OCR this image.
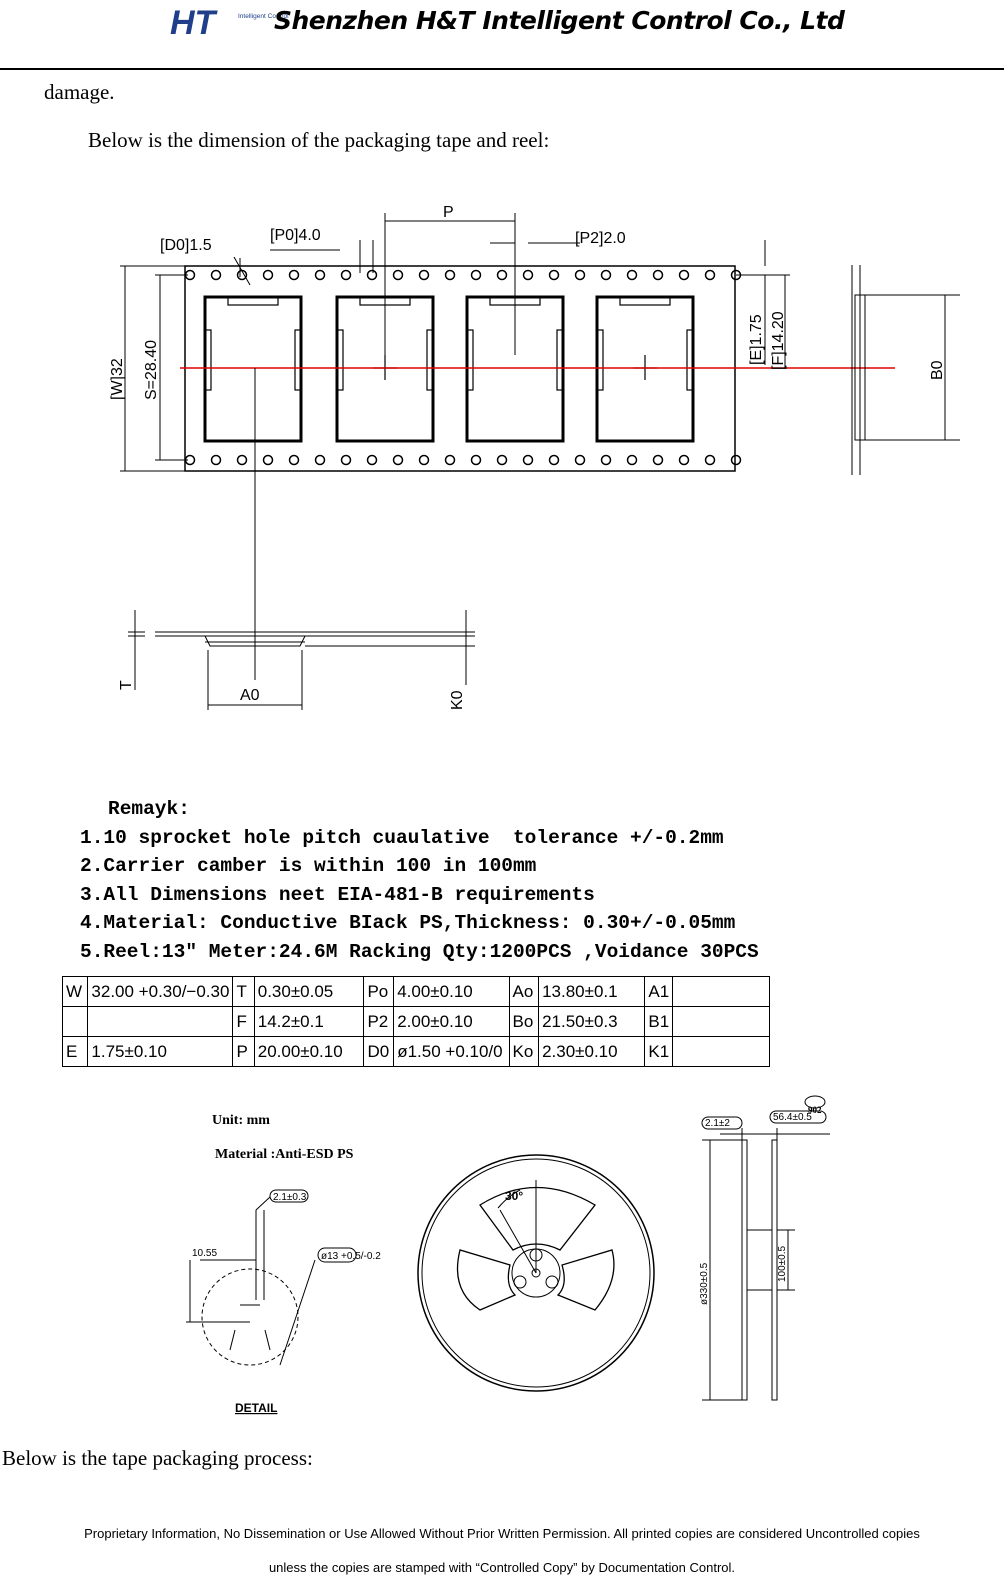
HT	Intelligent Control
Shenzhen H&T Intelligent Control Co., Ltd
damage.
Below is the dimension of the packaging tape and reel:
[D0]1.5
[P0]4.0
P
[P2]2.0
[W]32 S=28.40
[E]1.75 [F]14.20
B0
T
A0	K0
Remayk:
1.10 sprocket hole pitch cuaulative  tolerance +/-0.2mm
2.Carrier camber is within 100 in 100mm
3.All Dimensions neet EIA-481-B requirements
4.Material: Conductive BIack PS,Thickness: 0.30+/-0.05mm
5.Reel:13" Meter:24.6M Racking Qty:1200PCS ,Voidance 30PCS
W	32.00 +0.30/−0.30	T	0.30±0.05	Po	4.00±0.10	Ao	13.80±0.1	A1	
		F	14.2±0.1	P2	2.00±0.10	Bo	21.50±0.3	B1	
E	1.75±0.10	P	20.00±0.10	D0	ø1.50 +0.10/0	Ko	2.30±0.10	K1	
Unit: mm
Material :Anti-ESD PS
2.1±0.3
ø13 +0.5/-0.2
10.55
DETAIL
30°
2.1±2
56.4±0.5
ø330±0.5	100±0.5
902
Below is the tape packaging process:
Proprietary Information, No Dissemination or Use Allowed Without Prior Written Permission. All printed copies are considered Uncontrolled copies
unless the copies are stamped with “Controlled Copy” by Documentation Control.
